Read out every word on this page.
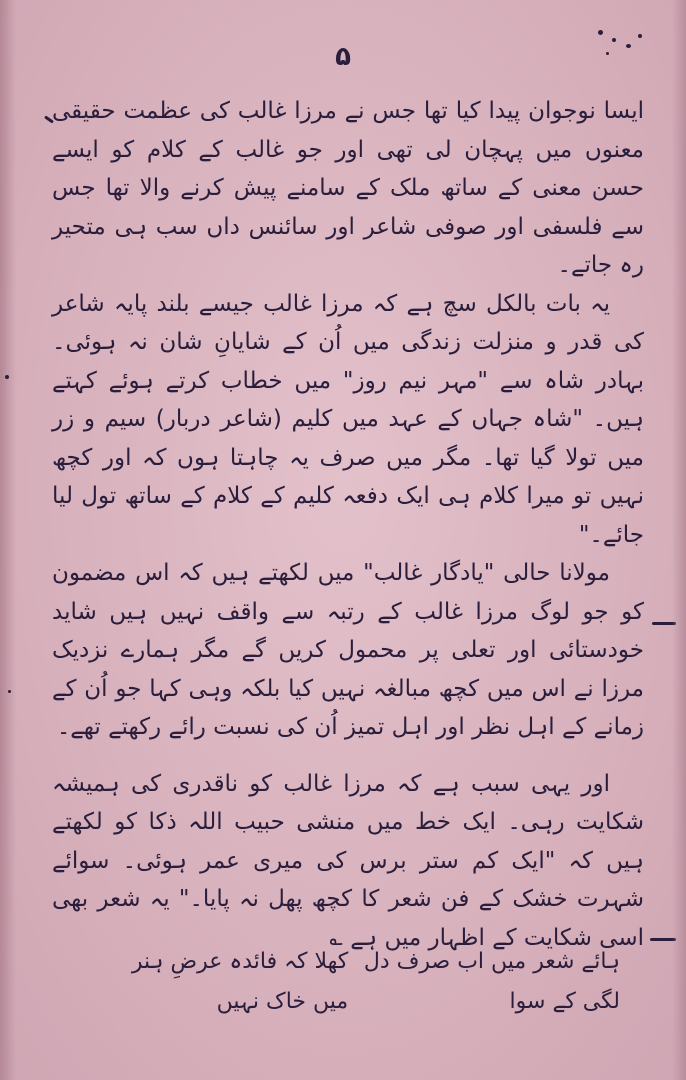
۵

ایسا نوجوان پیدا کیا تھا جس نے مرزا غالب کی عظمت حقیقی معنوں میں پہچان لی تھی اور جو غالب کے کلام کو ایسے حسن معنی کے ساتھ ملک کے سامنے پیش کرنے والا تھا جس سے فلسفی اور صوفی شاعر اور سائنس داں سب ہی متحیر رہ جاتے۔

یہ بات بالکل سچ ہے کہ مرزا غالب جیسے بلند پایہ شاعر کی قدر و منزلت زندگی میں اُن کے شایانِ شان نہ ہوئی۔ بہادر شاہ سے "مہر نیم روز" میں خطاب کرتے ہوئے کہتے ہیں۔ "شاہ جہاں کے عہد میں کلیم (شاعر دربار) سیم و زر میں تولا گیا تھا۔ مگر میں صرف یہ چاہتا ہوں کہ اور کچھ نہیں تو میرا کلام ہی ایک دفعہ کلیم کے کلام کے ساتھ تول لیا جائے۔"

مولانا حالی "یادگار غالب" میں لکھتے ہیں کہ اس مضمون کو جو لوگ مرزا غالب کے رتبہ سے واقف نہیں ہیں شاید خودستائی اور تعلی پر محمول کریں گے مگر ہمارے نزدیک مرزا نے اس میں کچھ مبالغہ نہیں کیا بلکہ وہی کہا جو اُن کے زمانے کے اہل نظر اور اہل تمیز اُن کی نسبت رائے رکھتے تھے۔

اور یہی سبب ہے کہ مرزا غالب کو ناقدری کی ہمیشہ شکایت رہی۔ ایک خط میں منشی حبیب اللہ ذکا کو لکھتے ہیں کہ "ایک کم ستر برس کی میری عمر ہوئی۔ سوائے شہرت خشک کے فن شعر کا کچھ پھل نہ پایا۔" یہ شعر بھی اسی شکایت کے اظہار میں ہے ؎

ہائے شعر میں اب صرف دل لگی کے سوا
کھلا کہ فائدہ عرضِ ہنر میں خاک نہیں
